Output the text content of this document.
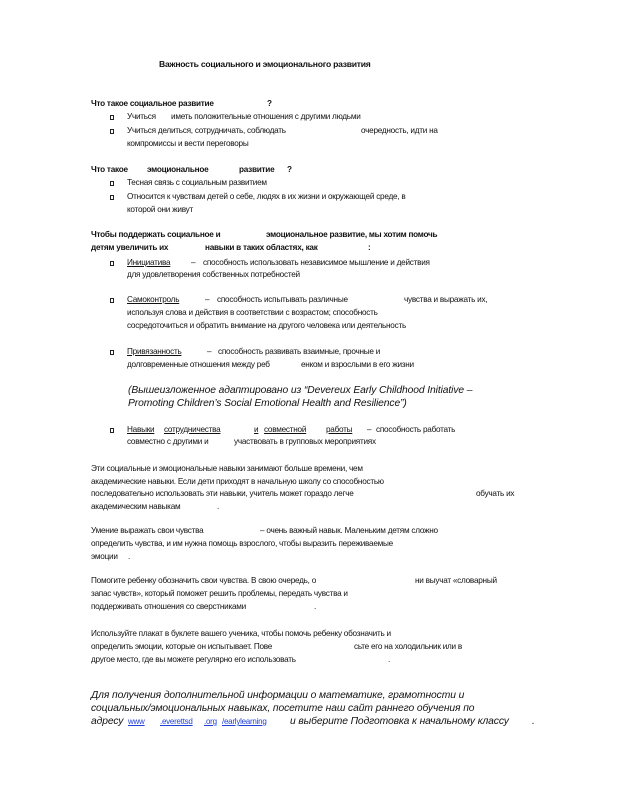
Важность социального и эмоционального развития
Что такое социальное развитие	?
Учиться иметь положительные отношения с другими людьми
Учиться делиться, сотрудничать, соблюдать	очередность, идти на
компромиссы и вести переговоры
Что такое эмоциональное	развитие ?
Тесная связь с социальным развитием
Относится к чувствам детей о себе, людях в их жизни и окружающей среде, в
которой они живут
Чтобы поддержать социальное и	эмоциональное развитие, мы хотим помочь
детям увеличить их	навыки в таких областях, как	:
Инициатива	– способность использовать независимое мышление и действия
для удовлетворения собственных потребностей
Самоконтроль	– способность испытывать различные	чувства и выражать их,
используя слова и действия в соответствии с возрастом; способность
сосредоточиться и обратить внимание на другого человека или деятельность
Привязанность	– способность развивать взаимные, прочные и
долговременные отношения между реб	енком и взрослыми в его жизни
(Вышеизложенное адаптировано из “Devereux Early Childhood Initiative –
Promoting Children’s Social Emotional Health and Resilience”)
Навыки сотрудничества	и совместной работы – способность работать
совместно с другими и	участвовать в групповых мероприятиях
Эти социальные и эмоциональные навыки занимают больше времени, чем
академические навыки. Если дети приходят в начальную школу со способностью
последовательно использовать эти навыки, учитель может гораздо легче	обучать их
академическим навыкам	.
Умение выражать свои чувства	– очень важный навык. Маленьким детям сложно
определить чувства, и им нужна помощь взрослого, чтобы выразить переживаемые
эмоции .
Помогите ребенку обозначить свои чувства. В свою очередь, о	ни выучат «словарный
запас чувств», который поможет решить проблемы, передать чувства и
поддерживать отношения со сверстниками	.
Используйте плакат в буклете вашего ученика, чтобы помочь ребенку обозначить и
определить эмоции, которые он испытывает. Пове	сьте его на холодильник или в
другое место, где вы можете регулярно его использовать	.
Для получения дополнительной информации о математике, грамотности и
социальных/эмоциональных навыках, посетите наш сайт раннего обучения по
адресу www .everettsd .org /earlylearning и выберите Подготовка к начальному классу .
